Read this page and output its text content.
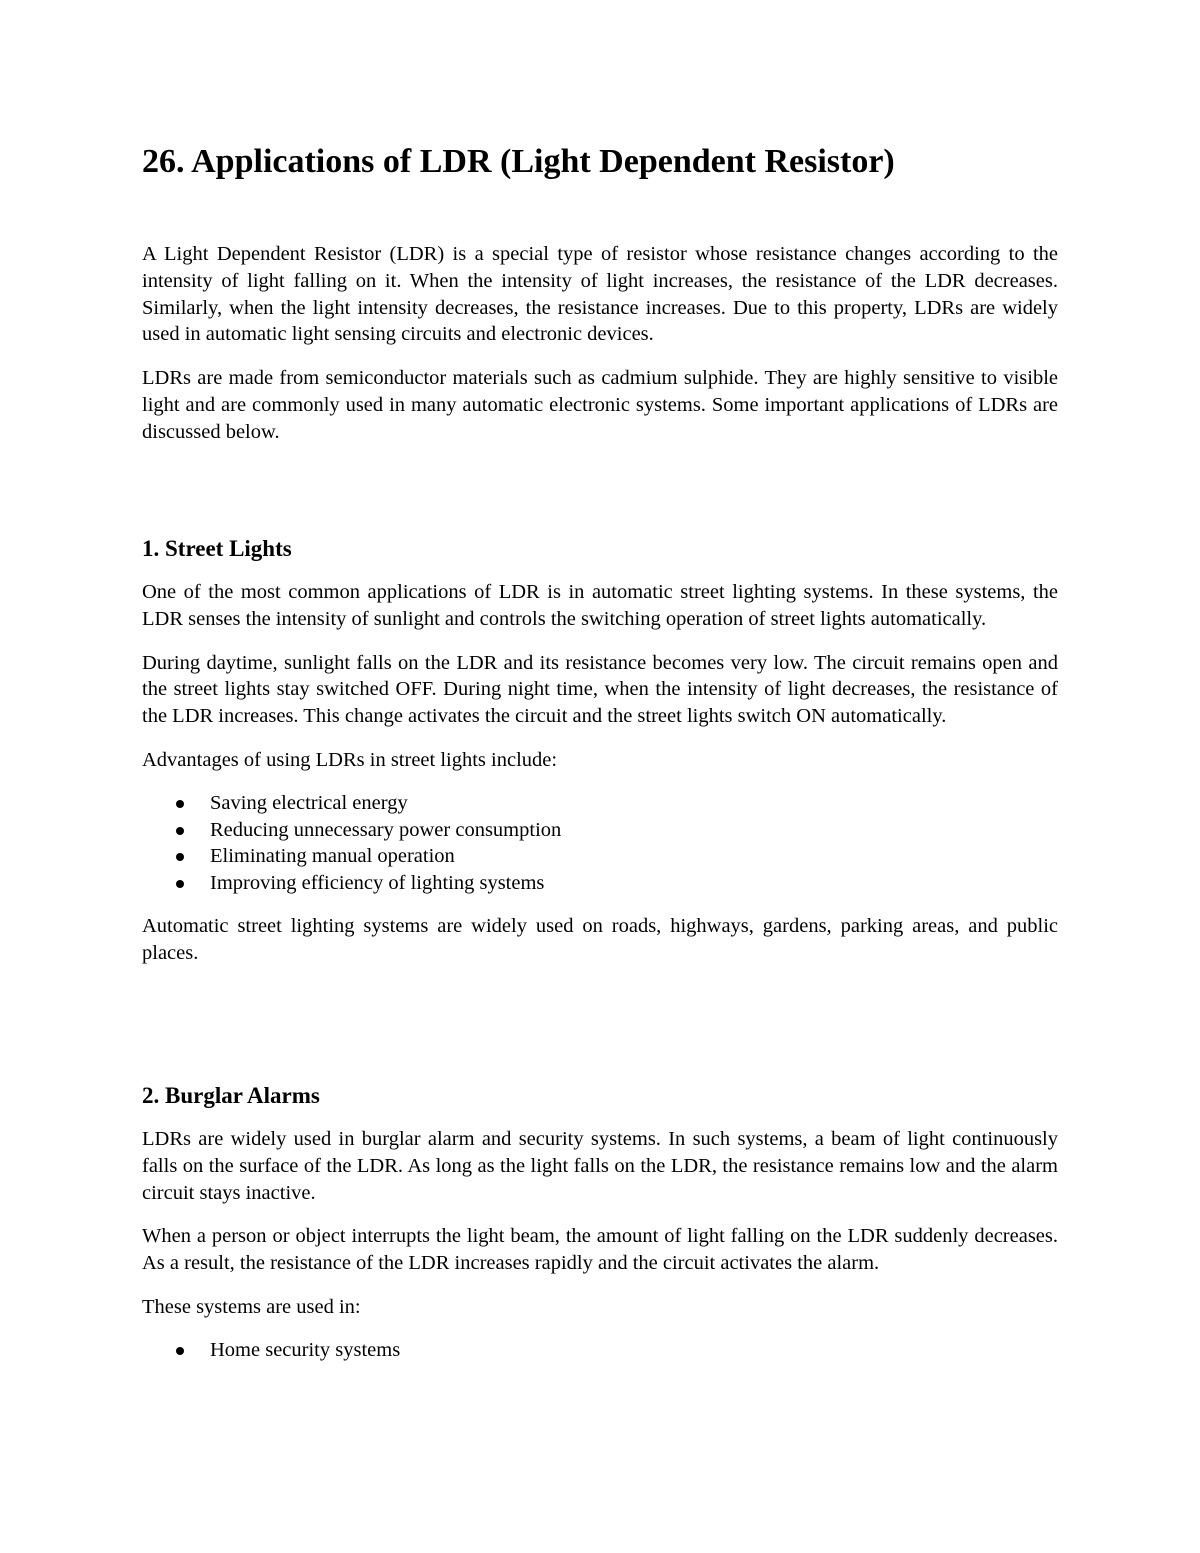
26. Applications of LDR (Light Dependent Resistor)

A Light Dependent Resistor (LDR) is a special type of resistor whose resistance changes according to the intensity of light falling on it. When the intensity of light increases, the resistance of the LDR decreases. Similarly, when the light intensity decreases, the resistance increases. Due to this property, LDRs are widely used in automatic light sensing circuits and electronic devices.

LDRs are made from semiconductor materials such as cadmium sulphide. They are highly sensitive to visible light and are commonly used in many automatic electronic systems. Some important applications of LDRs are discussed below.

1. Street Lights

One of the most common applications of LDR is in automatic street lighting systems. In these systems, the LDR senses the intensity of sunlight and controls the switching operation of street lights automatically.

During daytime, sunlight falls on the LDR and its resistance becomes very low. The circuit remains open and the street lights stay switched OFF. During night time, when the intensity of light decreases, the resistance of the LDR increases. This change activates the circuit and the street lights switch ON automatically.

Advantages of using LDRs in street lights include:

Saving electrical energy
Reducing unnecessary power consumption
Eliminating manual operation
Improving efficiency of lighting systems

Automatic street lighting systems are widely used on roads, highways, gardens, parking areas, and public places.

2. Burglar Alarms

LDRs are widely used in burglar alarm and security systems. In such systems, a beam of light continuously falls on the surface of the LDR. As long as the light falls on the LDR, the resistance remains low and the alarm circuit stays inactive.

When a person or object interrupts the light beam, the amount of light falling on the LDR suddenly decreases. As a result, the resistance of the LDR increases rapidly and the circuit activates the alarm.

These systems are used in:

Home security systems
